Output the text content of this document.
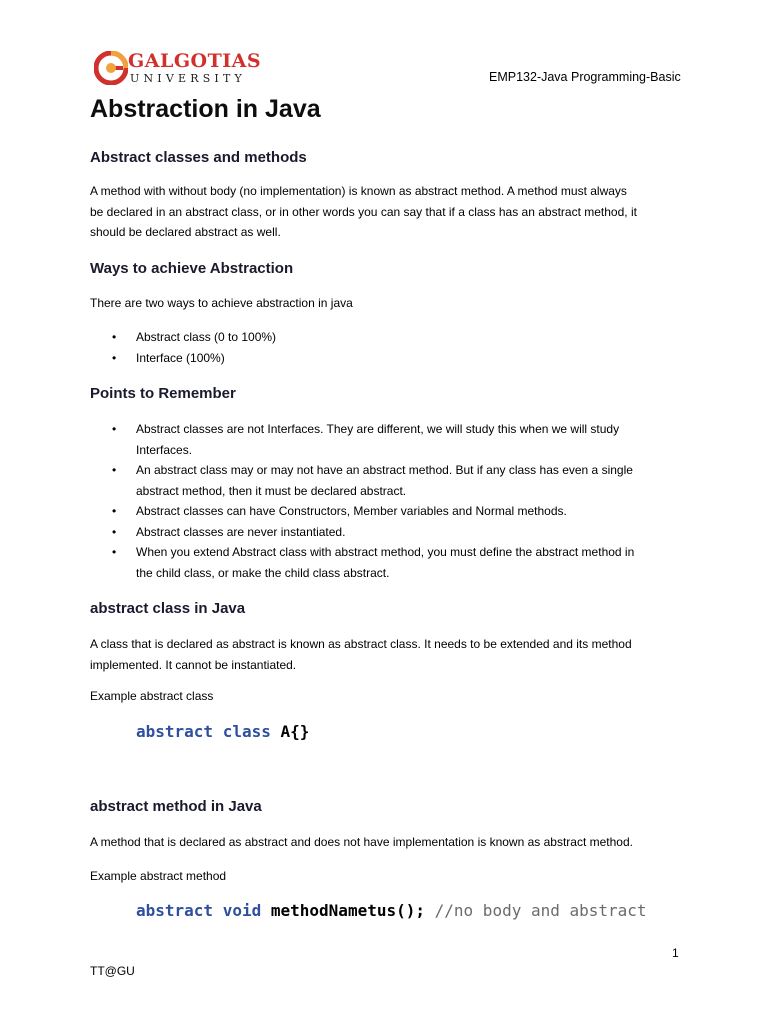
GALGOTIAS
UNIVERSITY	EMP132-Java Programming-Basic
Abstraction in Java
Abstract classes and methods
A method with without body (no implementation) is known as abstract method. A method must always
be declared in an abstract class, or in other words you can say that if a class has an abstract method, it
should be declared abstract as well.
Ways to achieve Abstraction
There are two ways to achieve abstraction in java
• Abstract class (0 to 100%)
• Interface (100%)
Points to Remember
• Abstract classes are not Interfaces. They are different, we will study this when we will study
Interfaces.
• An abstract class may or may not have an abstract method. But if any class has even a single
abstract method, then it must be declared abstract.
• Abstract classes can have Constructors, Member variables and Normal methods.
• Abstract classes are never instantiated.
• When you extend Abstract class with abstract method, you must define the abstract method in
the child class, or make the child class abstract.
abstract class in Java
A class that is declared as abstract is known as abstract class. It needs to be extended and its method
implemented. It cannot be instantiated.
Example abstract class
abstract class A{}
abstract method in Java
A method that is declared as abstract and does not have implementation is known as abstract method.
Example abstract method
abstract void methodNametus(); //no body and abstract
1
TT@GU
